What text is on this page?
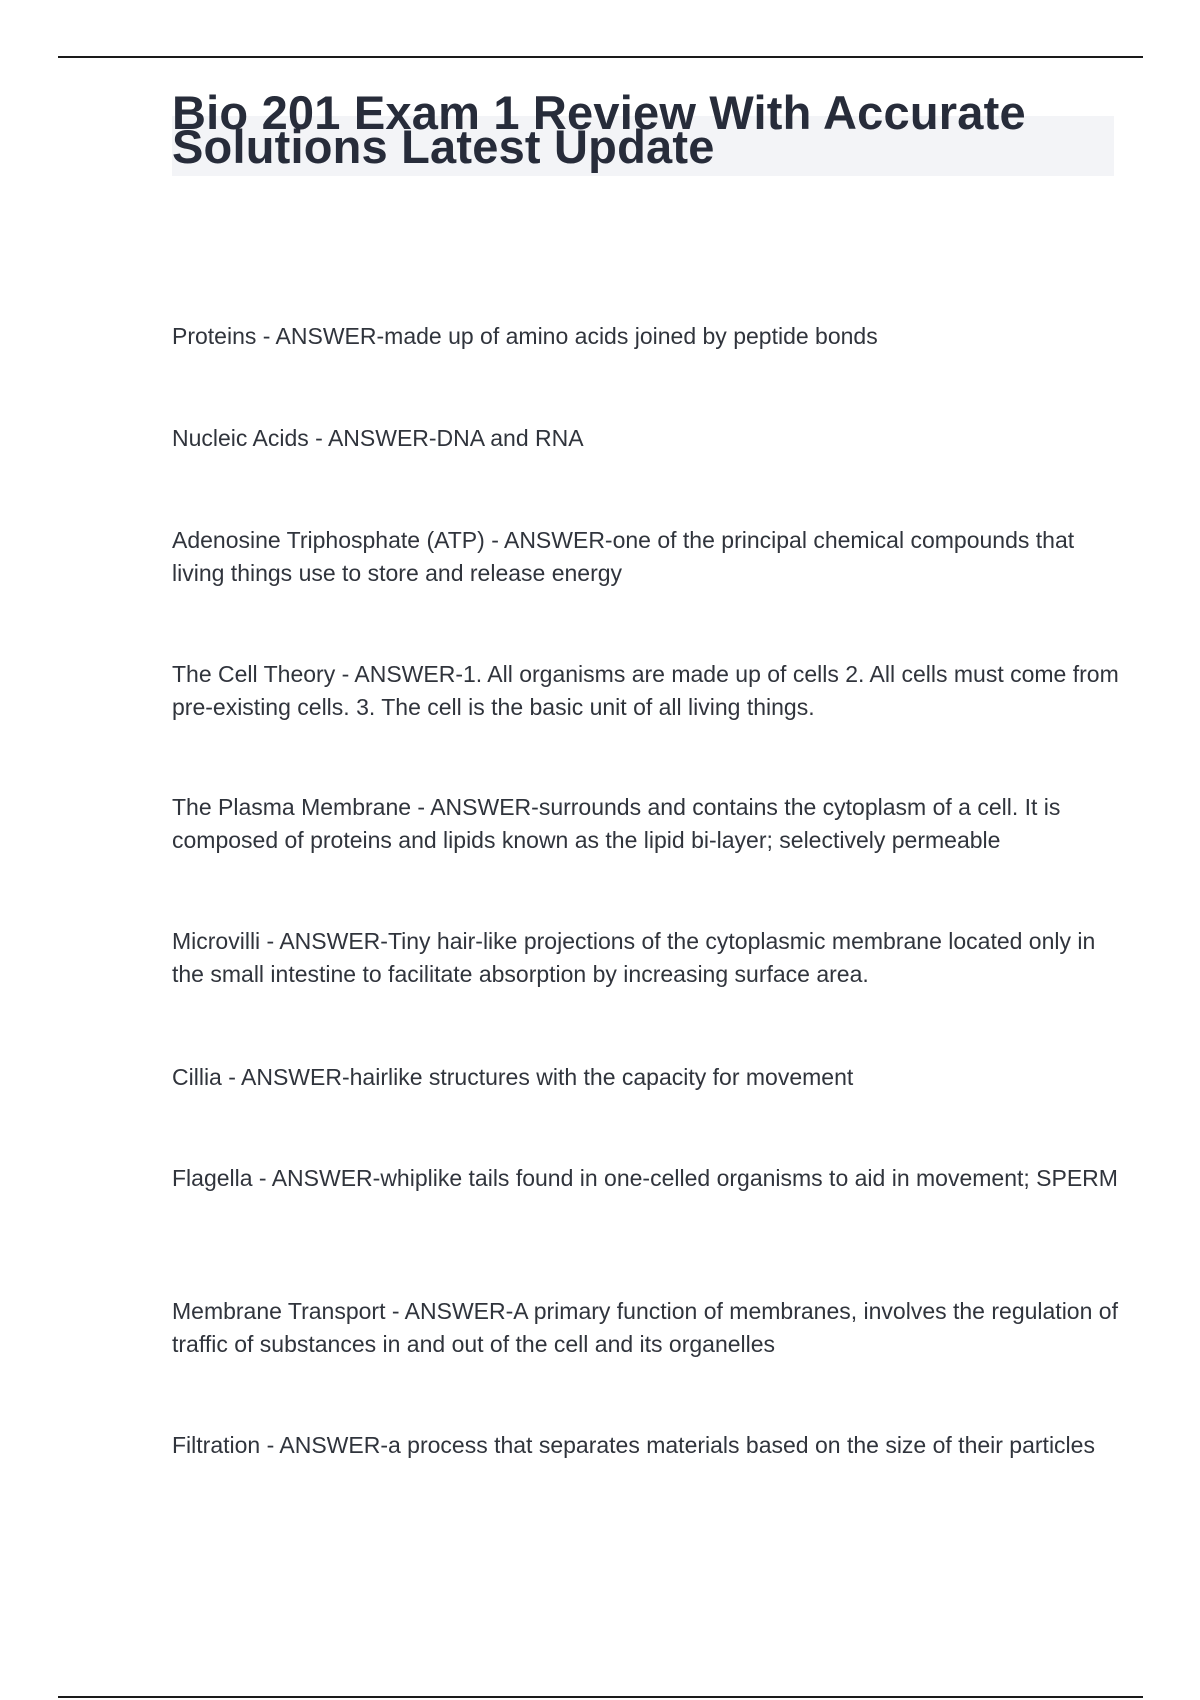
Bio 201 Exam 1 Review With Accurate Solutions Latest Update

Proteins - ANSWER-made up of amino acids joined by peptide bonds

Nucleic Acids - ANSWER-DNA and RNA

Adenosine Triphosphate (ATP) - ANSWER-one of the principal chemical compounds that living things use to store and release energy

The Cell Theory - ANSWER-1. All organisms are made up of cells 2. All cells must come from pre-existing cells. 3. The cell is the basic unit of all living things.

The Plasma Membrane - ANSWER-surrounds and contains the cytoplasm of a cell. It is composed of proteins and lipids known as the lipid bi-layer; selectively permeable

Microvilli - ANSWER-Tiny hair-like projections of the cytoplasmic membrane located only in the small intestine to facilitate absorption by increasing surface area.

Cillia - ANSWER-hairlike structures with the capacity for movement

Flagella - ANSWER-whiplike tails found in one-celled organisms to aid in movement; SPERM

Membrane Transport - ANSWER-A primary function of membranes, involves the regulation of traffic of substances in and out of the cell and its organelles

Filtration - ANSWER-a process that separates materials based on the size of their particles
